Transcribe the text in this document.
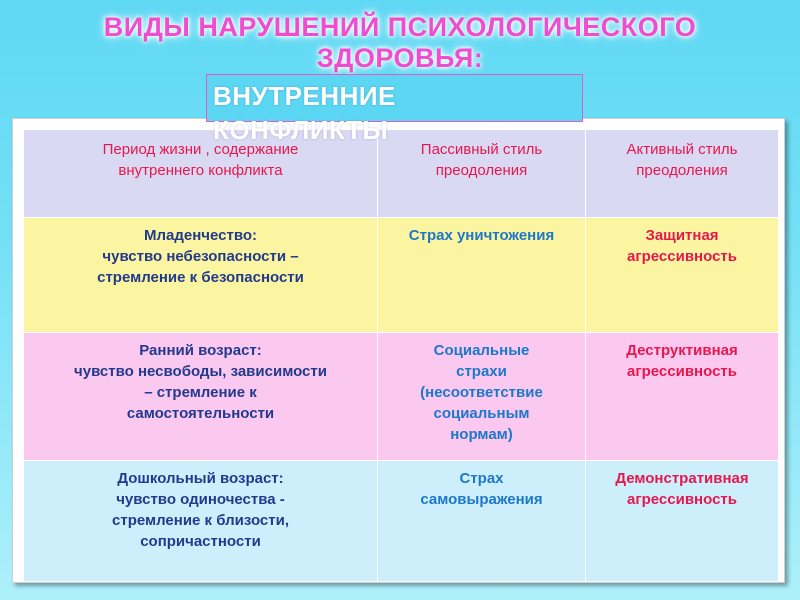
ВИДЫ НАРУШЕНИЙ ПСИХОЛОГИЧЕСКОГО
ЗДОРОВЬЯ:
ВНУТРЕННИЕ
КОНФЛИКТЫ
Период жизни , содержание
внутреннего конфликта
Пассивный стиль
преодоления
Активный стиль
преодоления
Младенчество:
чувство небезопасности –
стремление к безопасности
Страх уничтожения	Защитная
агрессивность
Ранний возраст:
чувство несвободы, зависимости
– стремление к
самостоятельности
Социальные
страхи
(несоответствие
социальным
нормам)
Деструктивная
агрессивность
Дошкольный возраст:
чувство одиночества -
стремление к близости,
сопричастности
Страх
самовыражения
Демонстративная
агрессивность
